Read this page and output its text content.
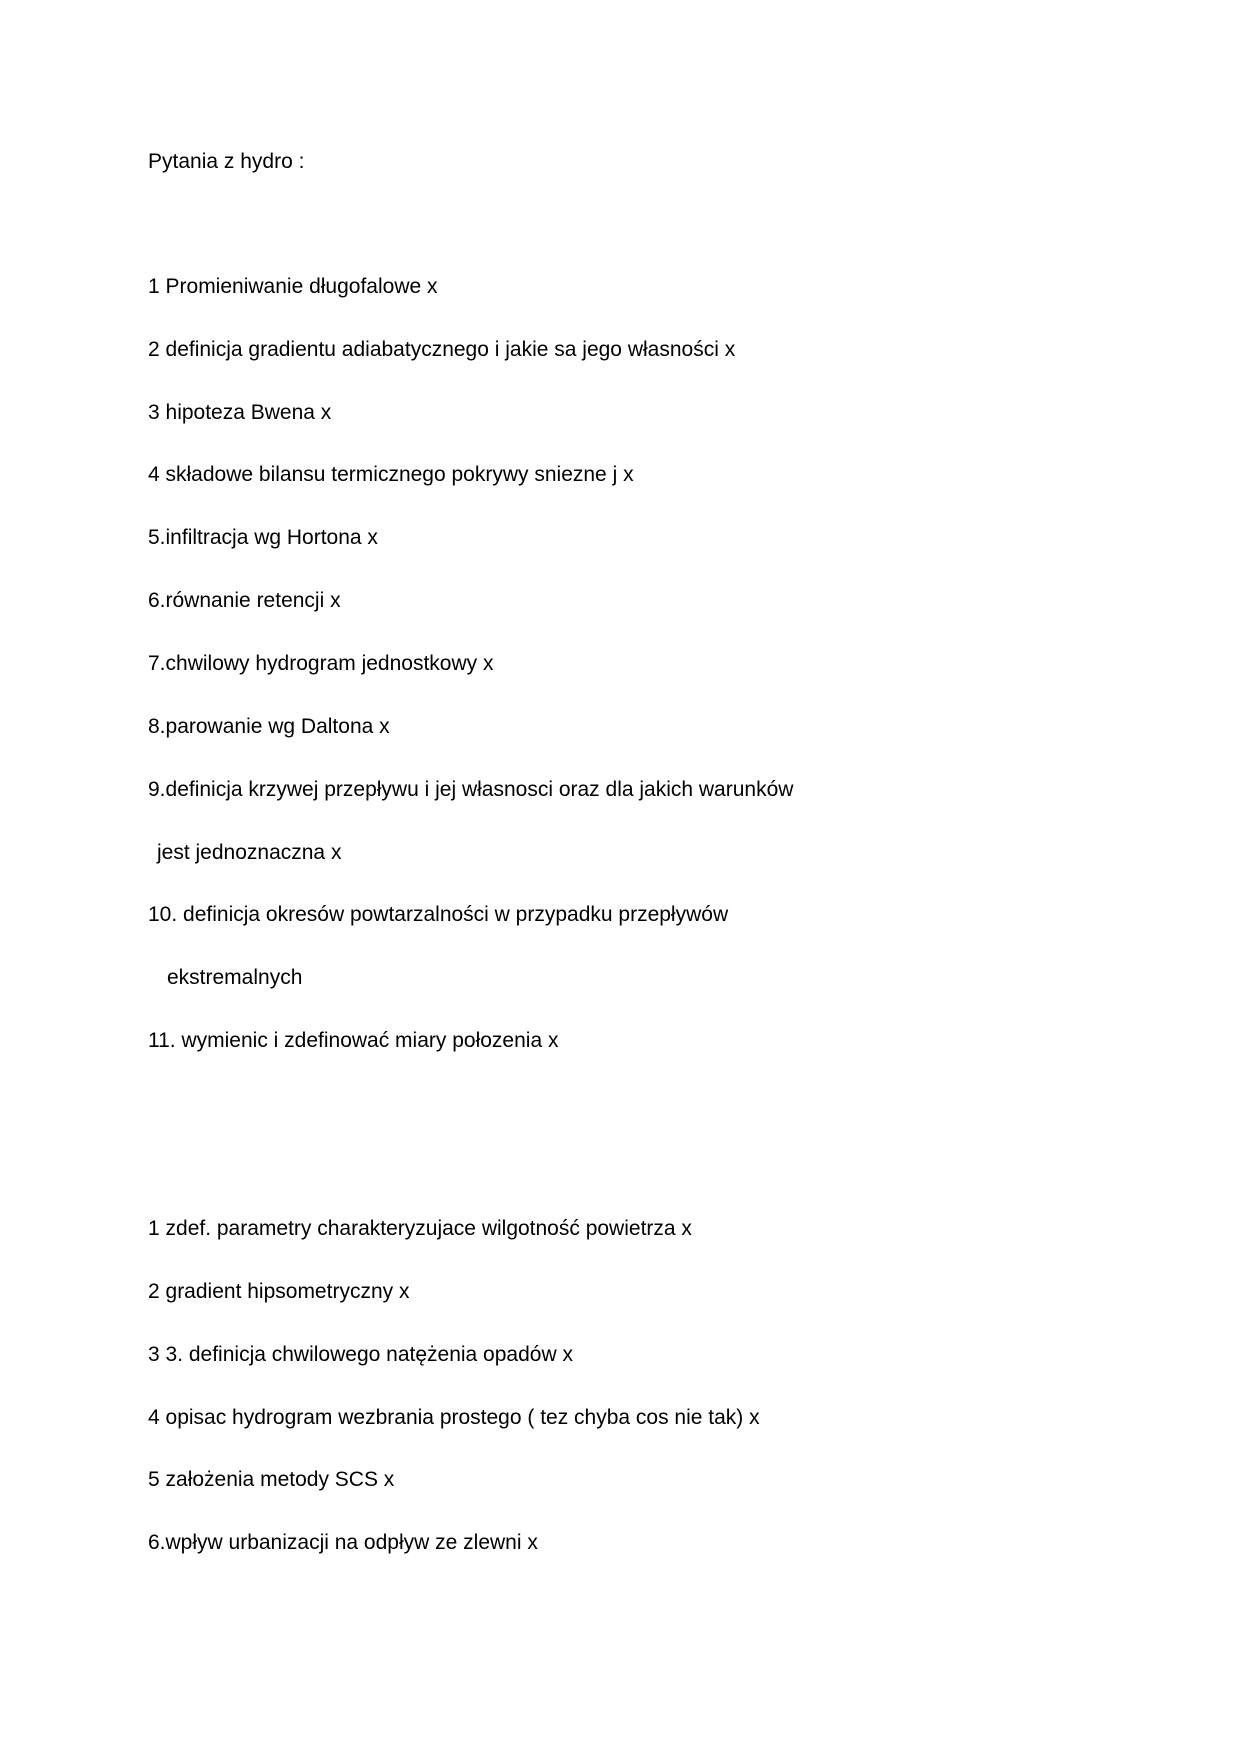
Pytania z hydro :
1 Promieniwanie długofalowe x
2 definicja gradientu adiabatycznego i jakie sa jego własności x
3 hipoteza Bwena x
4 składowe bilansu termicznego pokrywy sniezne j x
5.infiltracja wg Hortona x
6.równanie retencji x
7.chwilowy hydrogram jednostkowy x
8.parowanie wg Daltona x
9.definicja krzywej przepływu i jej własnosci oraz dla jakich warunków
jest jednoznaczna x
10. definicja okresów powtarzalności w przypadku przepływów
ekstremalnych
11. wymienic i zdefinować miary połozenia x
1 zdef. parametry charakteryzujace wilgotność powietrza x
2 gradient hipsometryczny x
3 3. definicja chwilowego natężenia opadów x
4 opisac hydrogram wezbrania prostego ( tez chyba cos nie tak) x
5 założenia metody SCS x
6.wpływ urbanizacji na odpływ ze zlewni x
